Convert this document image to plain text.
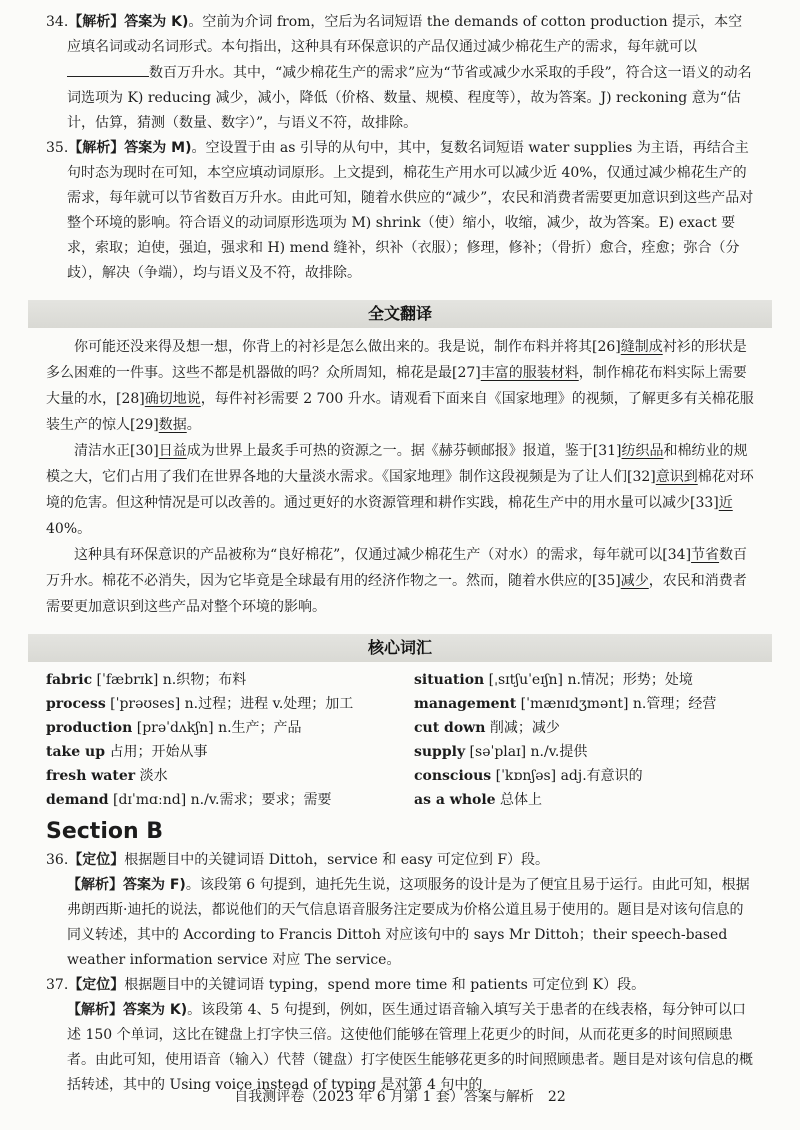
34.【解析】答案为 K)。空前为介词 from，空后为名词短语 the demands of cotton production 提示，本空应填名词或动名词形式。本句指出，这种具有环保意识的产品仅通过减少棉花生产的需求，每年就可以数百万升水。其中，“减少棉花生产的需求”应为“节省或减少水采取的手段”，符合这一语义的动名词选项为 K) reducing 减少，减小，降低（价格、数量、规模、程度等），故为答案。J) reckoning 意为“估计，估算，猜测（数量、数字）”，与语义不符，故排除。

35.【解析】答案为 M)。空设置于由 as 引导的从句中，其中，复数名词短语 water supplies 为主语，再结合主句时态为现时在可知，本空应填动词原形。上文提到，棉花生产用水可以减少近 40%，仅通过减少棉花生产的需求，每年就可以节省数百万升水。由此可知，随着水供应的“减少”，农民和消费者需要更加意识到这些产品对整个环境的影响。符合语义的动词原形选项为 M) shrink（使）缩小，收缩，减少，故为答案。E) exact 要求，索取；迫使，强迫，强求和 H) mend 缝补，织补（衣服）；修理，修补；（骨折）愈合，痊愈；弥合（分歧），解决（争端），均与语义及不符，故排除。

全文翻译

你可能还没来得及想一想，你背上的衬衫是怎么做出来的。我是说，制作布料并将其[26]缝制成衬衫的形状是多么困难的一件事。这些不都是机器做的吗？众所周知，棉花是最[27]丰富的服装材料，制作棉花布料实际上需要大量的水，[28]确切地说，每件衬衫需要 2 700 升水。请观看下面来自《国家地理》的视频，了解更多有关棉花服装生产的惊人[29]数据。

清洁水正[30]日益成为世界上最炙手可热的资源之一。据《赫芬顿邮报》报道，鉴于[31]纺织品和棉纺业的规模之大，它们占用了我们在世界各地的大量淡水需求。《国家地理》制作这段视频是为了让人们[32]意识到棉花对环境的危害。但这种情况是可以改善的。通过更好的水资源管理和耕作实践，棉花生产中的用水量可以减少[33]近 40%。

这种具有环保意识的产品被称为“良好棉花”，仅通过减少棉花生产（对水）的需求，每年就可以[34]节省数百万升水。棉花不必消失，因为它毕竟是全球最有用的经济作物之一。然而，随着水供应的[35]减少，农民和消费者需要更加意识到这些产品对整个环境的影响。

核心词汇
fabric [ˈfæbrɪk] n.织物；布料
process [ˈprəʊses] n.过程；进程 v.处理；加工
production [prəˈdʌkʃn] n.生产；产品
take up 占用；开始从事
fresh water 淡水
demand [dɪˈmɑːnd] n./v.需求；要求；需要
situation [ˌsɪtʃuˈeɪʃn] n.情况；形势；处境
management [ˈmænɪdʒmənt] n.管理；经营
cut down 削减；减少
supply [səˈplaɪ] n./v.提供
conscious [ˈkɒnʃəs] adj.有意识的
as a whole 总体上
Section B

36.【定位】根据题目中的关键词语 Dittoh，service 和 easy 可定位到 F）段。

【解析】答案为 F)。该段第 6 句提到，迪托先生说，这项服务的设计是为了便宜且易于运行。由此可知，根据弗朗西斯·迪托的说法，都说他们的天气信息语音服务注定要成为价格公道且易于使用的。题目是对该句信息的同义转述，其中的 According to Francis Dittoh 对应该句中的 says Mr Dittoh；their speech-based weather information service 对应 The service。

37.【定位】根据题目中的关键词语 typing，spend more time 和 patients 可定位到 K）段。

【解析】答案为 K)。该段第 4、5 句提到，例如，医生通过语音输入填写关于患者的在线表格，每分钟可以口述 150 个单词，这比在键盘上打字快三倍。这使他们能够在管理上花更少的时间，从而花更多的时间照顾患者。由此可知，使用语音（输入）代替（键盘）打字使医生能够花更多的时间照顾患者。题目是对该句信息的概括转述，其中的 Using voice instead of typing 是对第 4 句中的

自我测评卷（2023 年 6 月第 1 套）答案与解析　22
